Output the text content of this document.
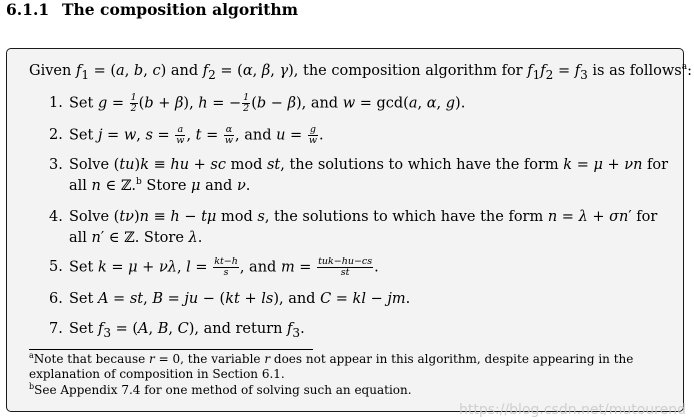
6.1.1 The composition algorithm
Given $f_1 = (a$, b, c) and $f_2 = (\alpha$, β, γ), the composition algorithm for $f_1f_2 = f_3$ is as follows$^a$:
1. Set $g = \frac{1}{2} (b + \beta)$, h = − $\frac{1}{2} (b - \beta)$, and w = gcd(a, α, g).
2. Set j = w, $s = \frac{a}{w}$ , $t = \frac{\alpha}{w}$ , and $u = \frac{g}{w}$ .
3. Solve (tu)k ≡ hu + sc mod st, the solutions to which have the form k = μ + νn for all n ∈ ℤ.$^b$ Store μ and ν.
4. Solve (tν)n ≡ h − tμ mod s, the solutions to which have the form n = λ + σn′ for all n′ ∈ ℤ. Store λ.
5. Set k = μ + νλ, $l = \frac{kt-h}{s}$ , and $m = \frac{\text{tuk−hu−cs}}{st}$ .
6. Set A = st, B = ju − (kt + ls), and C = kl − jm.
7. Set $f_3 = (A$, B, C), and return $f_3$.
$^a$Note that because r = 0, the variable r does not appear in this algorithm, despite appearing in the explanation of composition in Section 6.1.
$^b$See Appendix 7.4 for one method of solving such an equation.
https://blog.csdn.net/mutourend
